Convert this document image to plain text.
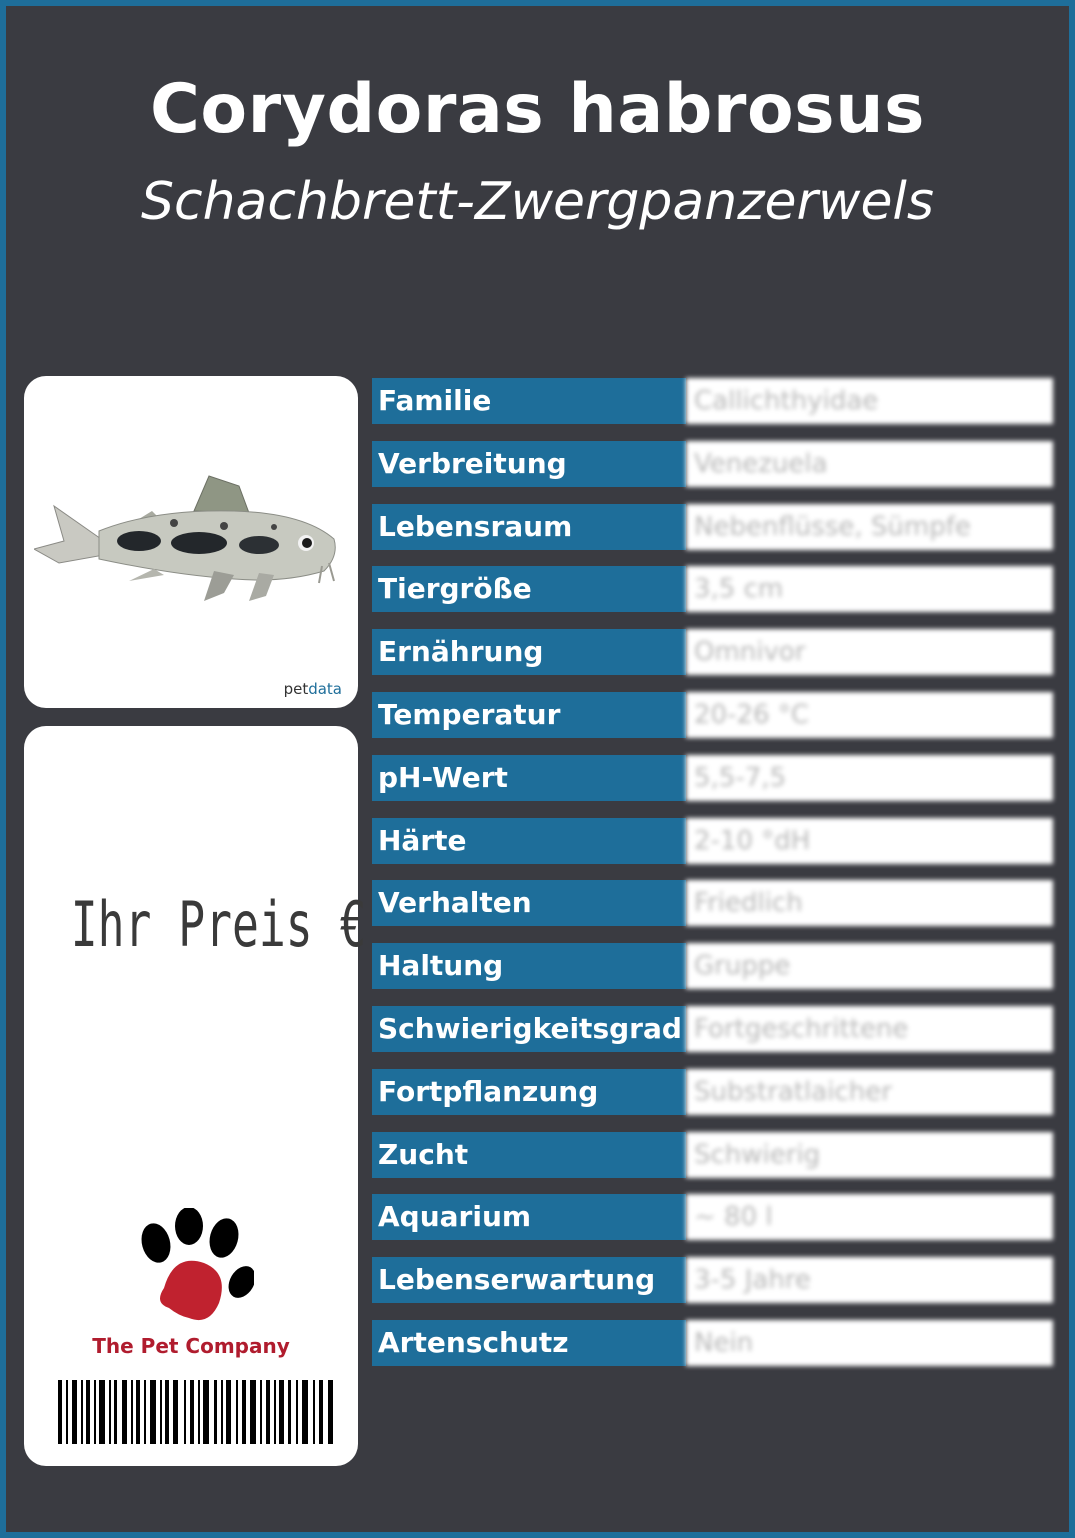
Corydoras habrosus
Schachbrett-Zwergpanzerwels
petdata
Ihr Preis €
The Pet Company
Familie	Callichthyidae
Verbreitung	Venezuela
Lebensraum	Nebenflüsse, Sümpfe
Tiergröße	3,5 cm
Ernährung	Omnivor
Temperatur	20-26 °C
pH-Wert	5,5-7,5
Härte	2-10 °dH
Verhalten	Friedlich
Haltung	Gruppe
Schwierigkeitsgrad Fortgeschrittene
Fortpflanzung	Substratlaicher
Zucht	Schwierig
Aquarium	~ 80 l
Lebenserwartung	3-5 Jahre
Artenschutz	Nein
